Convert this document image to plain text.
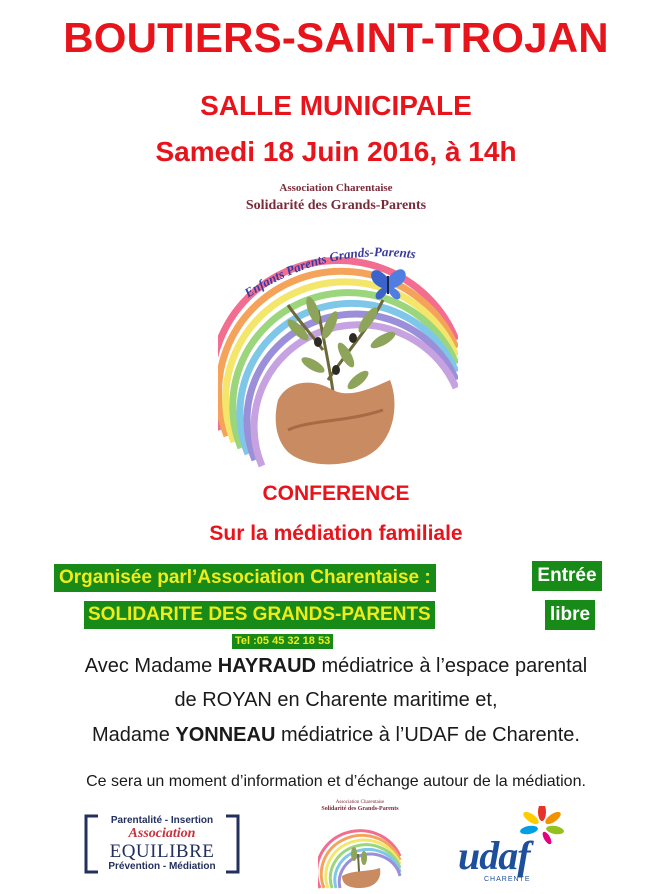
BOUTIERS-SAINT-TROJAN
SALLE MUNICIPALE
Samedi 18 Juin 2016, à 14h
Association Charentaise
Solidarité des Grands-Parents
Enfants Parents Grands-Parents
CONFERENCE
Sur la médiation familiale
Organisée parl’Association Charentaise :	Entrée
SOLIDARITE DES GRANDS-PARENTS	libre
Tel :05 45 32 18 53
Avec Madame HAYRAUD médiatrice à l’espace parental
de ROYAN en Charente maritime et,
Madame YONNEAU médiatrice à l’UDAF de Charente.
Ce sera un moment d’information et d’échange autour de la médiation.
Parentalité - Insertion
Association
EQUILIBRE
Prévention - Médiation
Association Charentaise
Solidarité des Grands-Parents
udaf
CHARENTE
